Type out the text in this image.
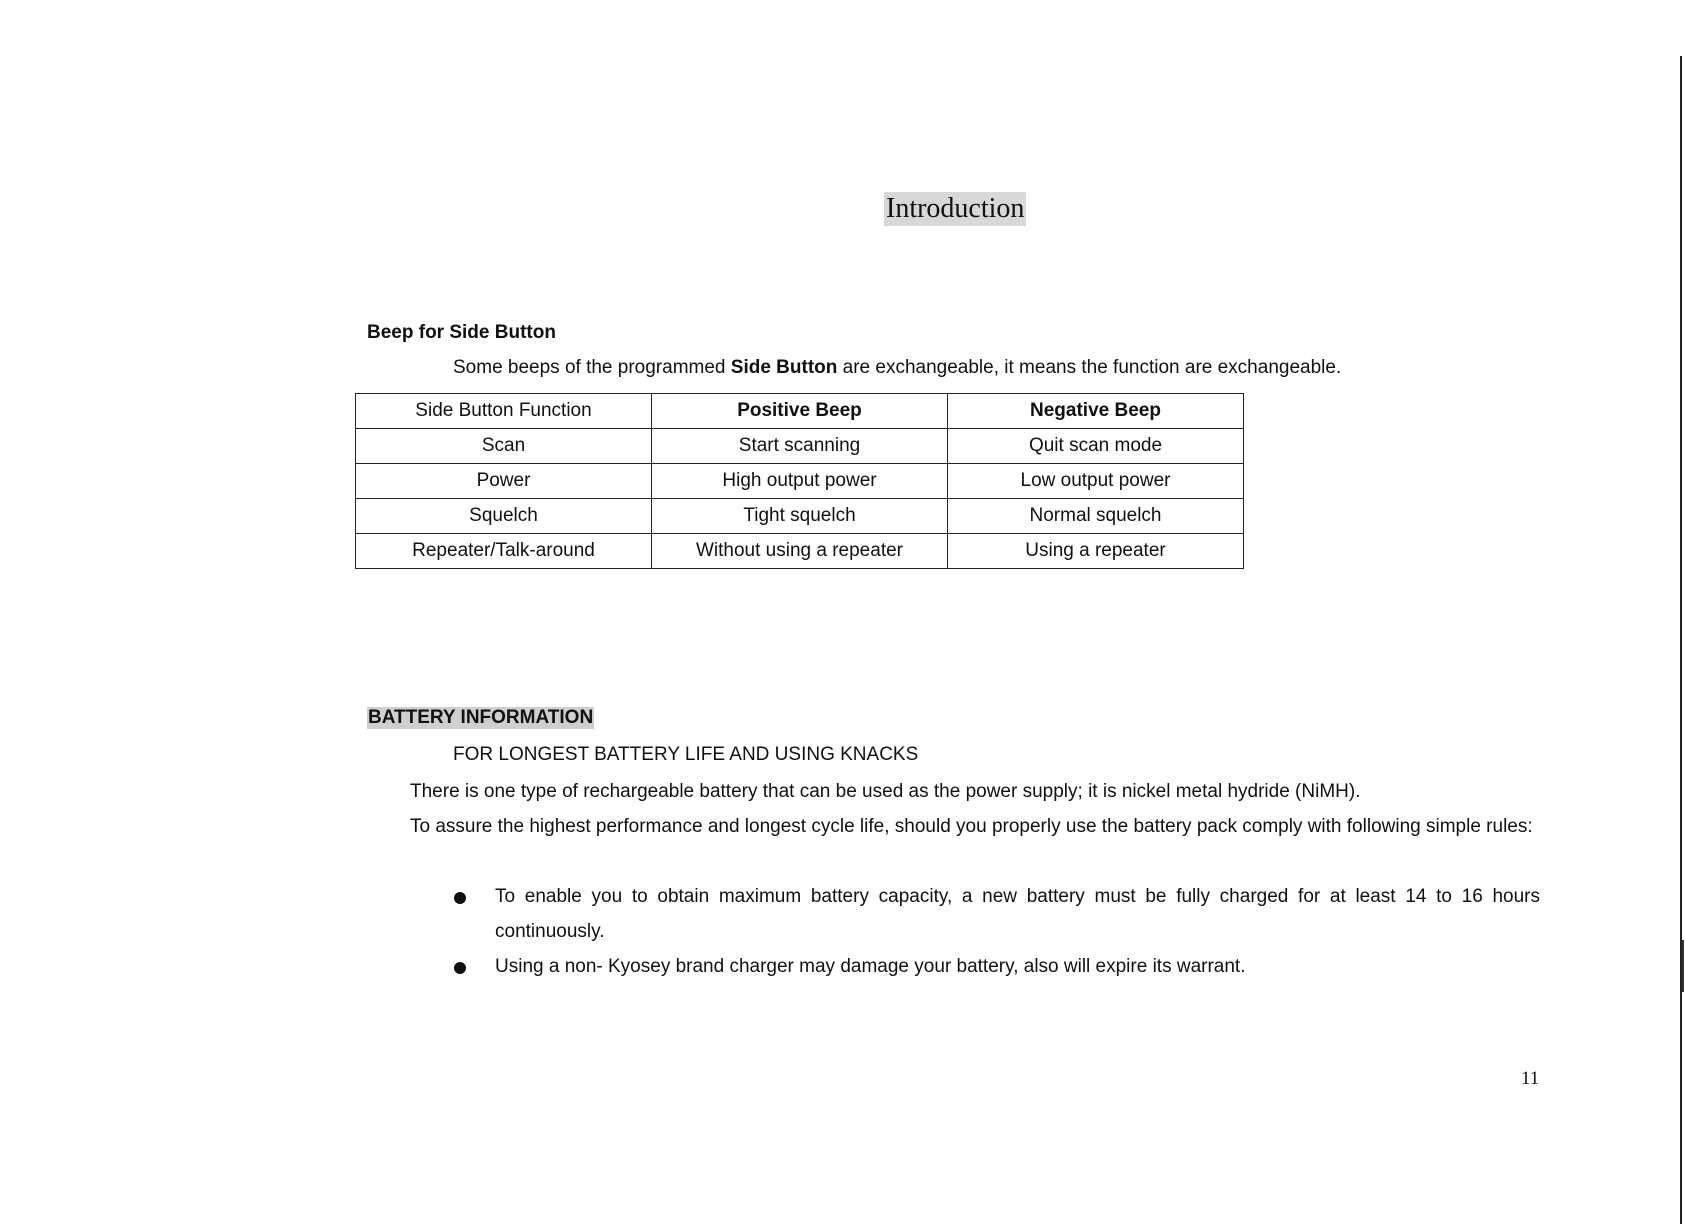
Introduction
Beep for Side Button
Some beeps of the programmed Side Button are exchangeable, it means the function are exchangeable.
Side Button Function	Positive Beep	Negative Beep
Scan	Start scanning	Quit scan mode
Power	High output power	Low output power
Squelch	Tight squelch	Normal squelch
Repeater/Talk-around	Without using a repeater	Using a repeater
BATTERY INFORMATION
FOR LONGEST BATTERY LIFE AND USING KNACKS
There is one type of rechargeable battery that can be used as the power supply; it is nickel metal hydride (NiMH).
To assure the highest performance and longest cycle life, should you properly use the battery pack comply with following simple rules:
To enable you to obtain maximum battery capacity, a new battery must be fully charged for at least 14 to 16 hours continuously.
Using a non- Kyosey brand charger may damage your battery, also will expire its warrant.
11
